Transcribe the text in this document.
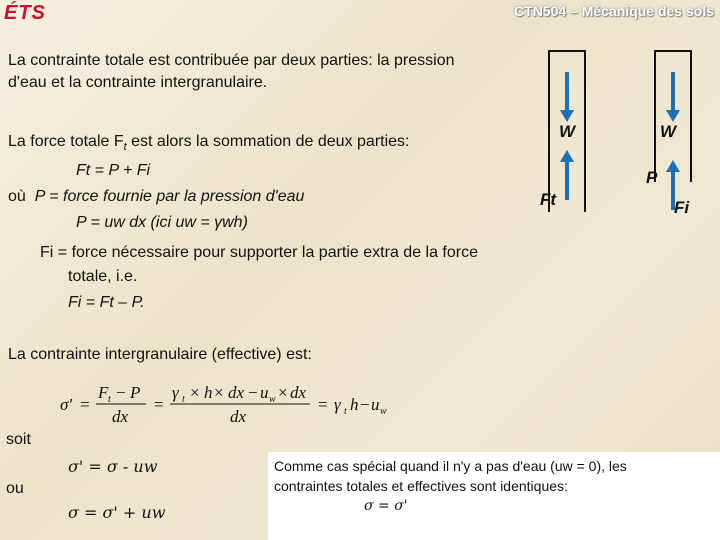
ÉTS	CTN504 – Mécanique des sols
La contrainte totale est contribuée par deux parties: la pression
d'eau et la contrainte intergranulaire.
La force totale $F_t$ est alors la sommation de deux parties:
Ft = P + Fi
où P = force fournie par la pression d'eau
P = uw dx (ici uw = γwh)
Fi = force nécessaire pour supporter la partie extra de la force
totale, i.e.
Fi = Ft – P.
La contrainte intergranulaire (effective) est:
σ' =
F t − P
dx
=
γ t × h × dx − u w × dx
dx
= γ t h − u w
soit
ou
σ' = σ - uw
σ = σ' + uw
Comme cas spécial quand il n'y a pas d'eau (uw = 0), les
contraintes totales et effectives sont identiques:
σ = σ'
W
Ft
W
P
Fi
